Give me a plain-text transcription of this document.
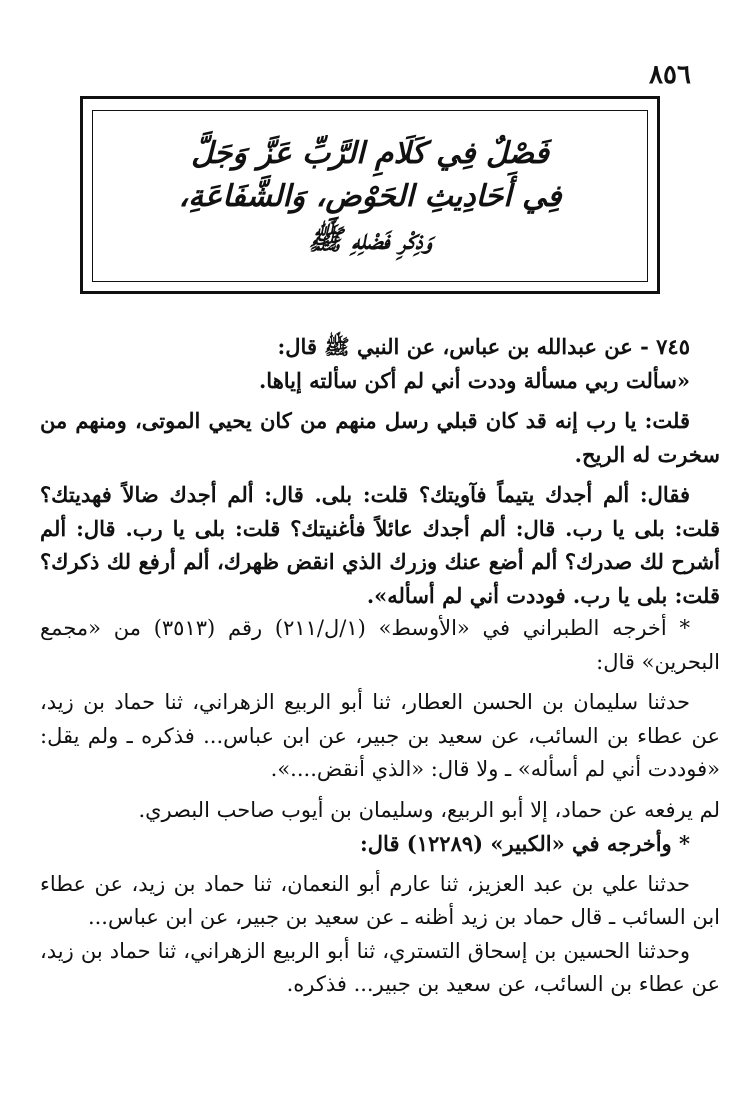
٨٥٦
فَصْلٌ فِي كَلَامِ الرَّبِّ عَزَّ وَجَلَّ
فِي أَحَادِيثِ الحَوْضِ، وَالشَّفَاعَةِ،
وَذِكْرِ فَضْلِهِ ﷺ

٧٤٥ - عن عبدالله بن عباس، عن النبي ﷺ قال:

«سألت ربي مسألة وددت أني لم أكن سألته إياها.

قلت: يا رب إنه قد كان قبلي رسل منهم من كان يحيي الموتى، ومنهم من سخرت له الريح.

فقال: ألم أجدك يتيماً فآويتك؟ قلت: بلى. قال: ألم أجدك ضالاً فهديتك؟ قلت: بلى يا رب. قال: ألم أجدك عائلاً فأغنيتك؟ قلت: بلى يا رب. قال: ألم أشرح لك صدرك؟ ألم أضع عنك وزرك الذي انقض ظهرك، ألم أرفع لك ذكرك؟ قلت: بلى يا رب. فوددت أني لم أسأله».

* أخرجه الطبراني في «الأوسط» (١/ل/٢١١) رقم (٣٥١٣) من «مجمع البحرين» قال:

حدثنا سليمان بن الحسن العطار، ثنا أبو الربيع الزهراني، ثنا حماد بن زيد، عن عطاء بن السائب، عن سعيد بن جبير، عن ابن عباس... فذكره ـ ولم يقل: «فوددت أني لم أسأله» ـ ولا قال: «الذي أنقض....».

لم يرفعه عن حماد، إلا أبو الربيع، وسليمان بن أيوب صاحب البصري.

* وأخرجه في «الكبير» (١٢٢٨٩) قال:

حدثنا علي بن عبد العزيز، ثنا عارم أبو النعمان، ثنا حماد بن زيد، عن عطاء ابن السائب ـ قال حماد بن زيد أظنه ـ عن سعيد بن جبير، عن ابن عباس...

وحدثنا الحسين بن إسحاق التستري، ثنا أبو الربيع الزهراني، ثنا حماد بن زيد، عن عطاء بن السائب، عن سعيد بن جبير... فذكره.
